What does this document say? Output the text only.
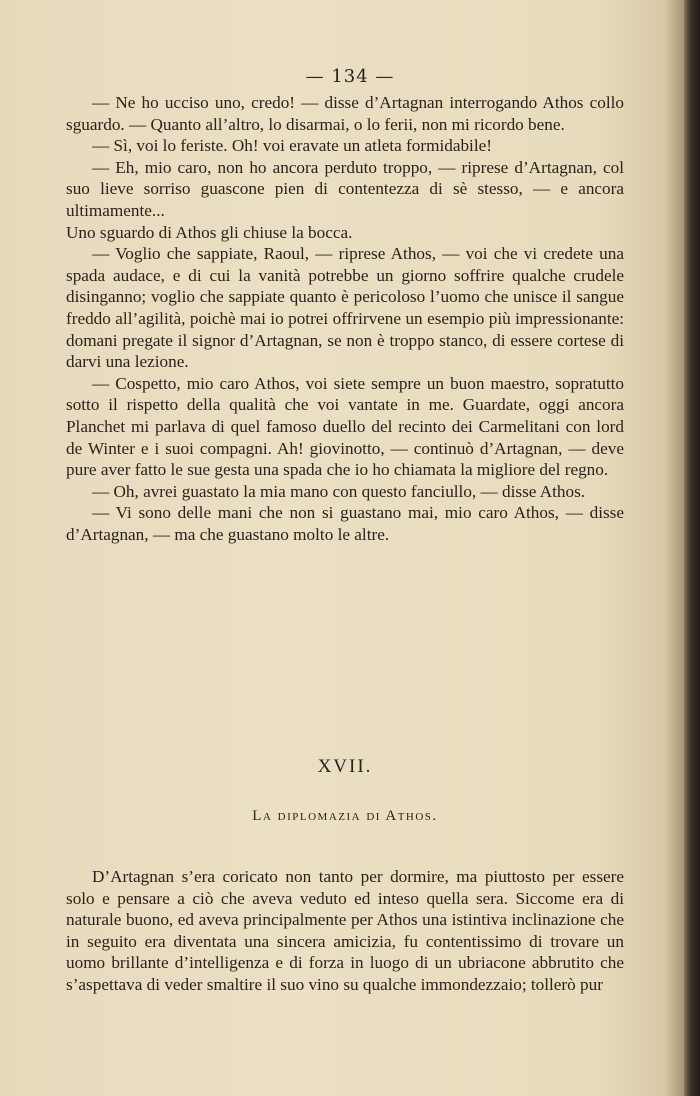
— 134 —

— Ne ho ucciso uno, credo! — disse d’Artagnan interrogando Athos collo sguardo. — Quanto all’altro, lo disarmai, o lo ferii, non mi ricordo bene.

— Sì, voi lo feriste. Oh! voi eravate un atleta formidabile!

— Eh, mio caro, non ho ancora perduto troppo, — riprese d’Artagnan, col suo lieve sorriso guascone pien di contentezza di sè stesso, — e ancora ultimamente...

Uno sguardo di Athos gli chiuse la bocca.

— Voglio che sappiate, Raoul, — riprese Athos, — voi che vi credete una spada audace, e di cui la vanità potrebbe un giorno soffrire qualche crudele disinganno; voglio che sappiate quanto è pericoloso l’uomo che unisce il sangue freddo all’agilità, poichè mai io potrei offrirvene un esempio più impressionante: domani pregate il signor d’Artagnan, se non è troppo stanco, di essere cortese di darvi una lezione.

— Cospetto, mio caro Athos, voi siete sempre un buon maestro, sopratutto sotto il rispetto della qualità che voi vantate in me. Guardate, oggi ancora Planchet mi parlava di quel famoso duello del recinto dei Carmelitani con lord de Winter e i suoi compagni. Ah! giovinotto, — continuò d’Artagnan, — deve pure aver fatto le sue gesta una spada che io ho chiamata la migliore del regno.

— Oh, avrei guastato la mia mano con questo fanciullo, — disse Athos.

— Vi sono delle mani che non si guastano mai, mio caro Athos, — disse d’Artagnan, — ma che guastano molto le altre.

XVII.
La diplomazia di Athos.

D’Artagnan s’era coricato non tanto per dormire, ma piuttosto per essere solo e pensare a ciò che aveva veduto ed inteso quella sera. Siccome era di naturale buono, ed aveva principalmente per Athos una istintiva inclinazione che in seguito era diventata una sincera amicizia, fu contentissimo di trovare un uomo brillante d’intelligenza e di forza in luogo di un ubriacone abbrutito che s’aspettava di veder smaltire il suo vino su qualche immondezzaio; tollerò pur
